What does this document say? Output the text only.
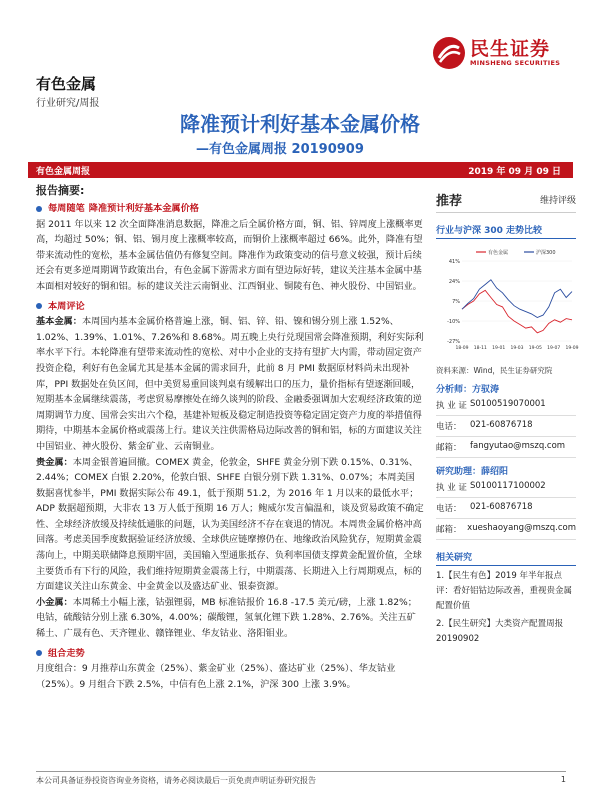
民生证券
MINSHENG SECURITIES
有色金属
行业研究/周报
降准预计利好基本金属价格
—有色金属周报 20190909
有色金属周报	2019 年 09 月 09 日
报告摘要:
每周随笔 降准预计利好基本金属价格
据 2011 年以来 12 次全面降准消息数据，降准之后全属价格方面，铜、铝、锌周度上涨概率更高，均超过 50%；铜、铝、锡月度上涨概率较高，而铜价上涨概率超过 66%。此外，降准有望带来流动性的宽松，基本金属估值仍有修复空间。降准作为政策变动的信号意义较强，预计后续还会有更多逆周期调节政策出台，有色金属下游需求方面有望边际好转，建议关注基本金属中基本面相对较好的铜和铝。标的建议关注云南铜业、江西铜业、铜陵有色、神火股份、中国铝业。
本周评论
基本金属：本周国内基本金属价格普遍上涨，铜、铝、锌、铅、镍和锡分别上涨 1.52%、1.02%、1.39%、1.01%、7.26%和 8.68%。周五晚上央行兑现国常会降准预期，利好实际利率水平下行。本轮降准有望带来流动性的宽松、对中小企业的支持有望扩大内需，带动固定资产投资企稳，利好有色金属尤其是基本金属的需求回升，此前 8 月 PMI 数据原材料尚未出现补库，PPI 数据处在负区间，但中美贸易重回谈判桌有缓解出口的压力，量价指标有望逐渐回暖，短期基本金属继续震荡，考虑贸易摩擦处在缔久谈判的阶段、金融委强调加大宏观经济政策的逆周期调节力度、国常会实出六个稳，基建补短板及稳定制造投资等稳定固定资产力度的举措值得期待，中期基本金属价格或震荡上行。建议关注供需格局边际改善的铜和铝，标的方面建议关注中国铝业、神火股份、紫金矿业、云南铜业。
贵金属：本周金银普遍回撤。COMEX 黄金，伦敦金，SHFE 黄金分别下跌 0.15%、0.31%、2.44%；COMEX 白银 2.20%，伦敦白银、SHFE 白银分别下跌 1.31%、0.07%；本周美国数据喜忧参半，PMI 数据实际公布 49.1，低于预期 51.2，为 2016 年 1 月以来的最低水平；ADP 数据超预期，大非农 13 万人低于预期 16 万人；鲍威尔发言偏温和，谈及贸易政策不确定性、全球经济放缓及持续低通胀的问题，认为美国经济不存在衰退的情况。本周贵金属价格冲高回落。考虑美国季度数据验证经济放缓、全球供应链摩擦仍在、地缘政治风险犹存，短期黄金震荡向上，中期美联储降息预期牢固，美国输入型通胀抵存、负利率国债支撑黄金配置价值，全球主要货币有下行的风险，我们维持短期黄金震荡上行，中期震荡、长期进入上行周期观点，标的方面建议关注山东黄金、中金黄金以及盛达矿业、银泰资源。
小金属：本周稀土小幅上涨，钴强锂弱，MB 标准钴报价 16.8 -17.5 美元/磅，上涨 1.82%；电钴，硫酸钴分别上涨 6.30%，4.00%；碳酸锂，氢氧化锂下跌 1.28%、2.76%。关注五矿稀土、广晟有色、天齐锂业、赣锋锂业、华友钴业、洛阳钼业。
组合走势
月度组合：9 月推荐山东黄金（25%）、紫金矿业（25%）、盛达矿业（25%）、华友钴业（25%）。9 月组合下跌 2.5%，中信有色上涨 2.1%，沪深 300 上涨 3.9%。
推荐	维持评级
行业与沪深 300 走势比较
41%
24%
7%
-10%
-27%
18-09 18-11 19-01 19-03 19-05 19-07 19-09
有色金属	沪深300
资料来源：Wind，民生证券研究院
分析师：方驭涛
执 业 证 S0100519070001
电话： 021-60876718
邮箱： fangyutao@mszq.com
研究助理：薛绍阳
执 业 证 S0100117100002
电话： 021-60876718
邮箱： xueshaoyang@mszq.com
相关研究
1.【民生有色】2019 年半年报点评：看好铝钴边际改善，重视贵金属配置价值
2.【民生研究】大类资产配置周报 20190902
本公司具备证券投资咨询业务资格，请务必阅读最后一页免责声明证券研究报告	1
